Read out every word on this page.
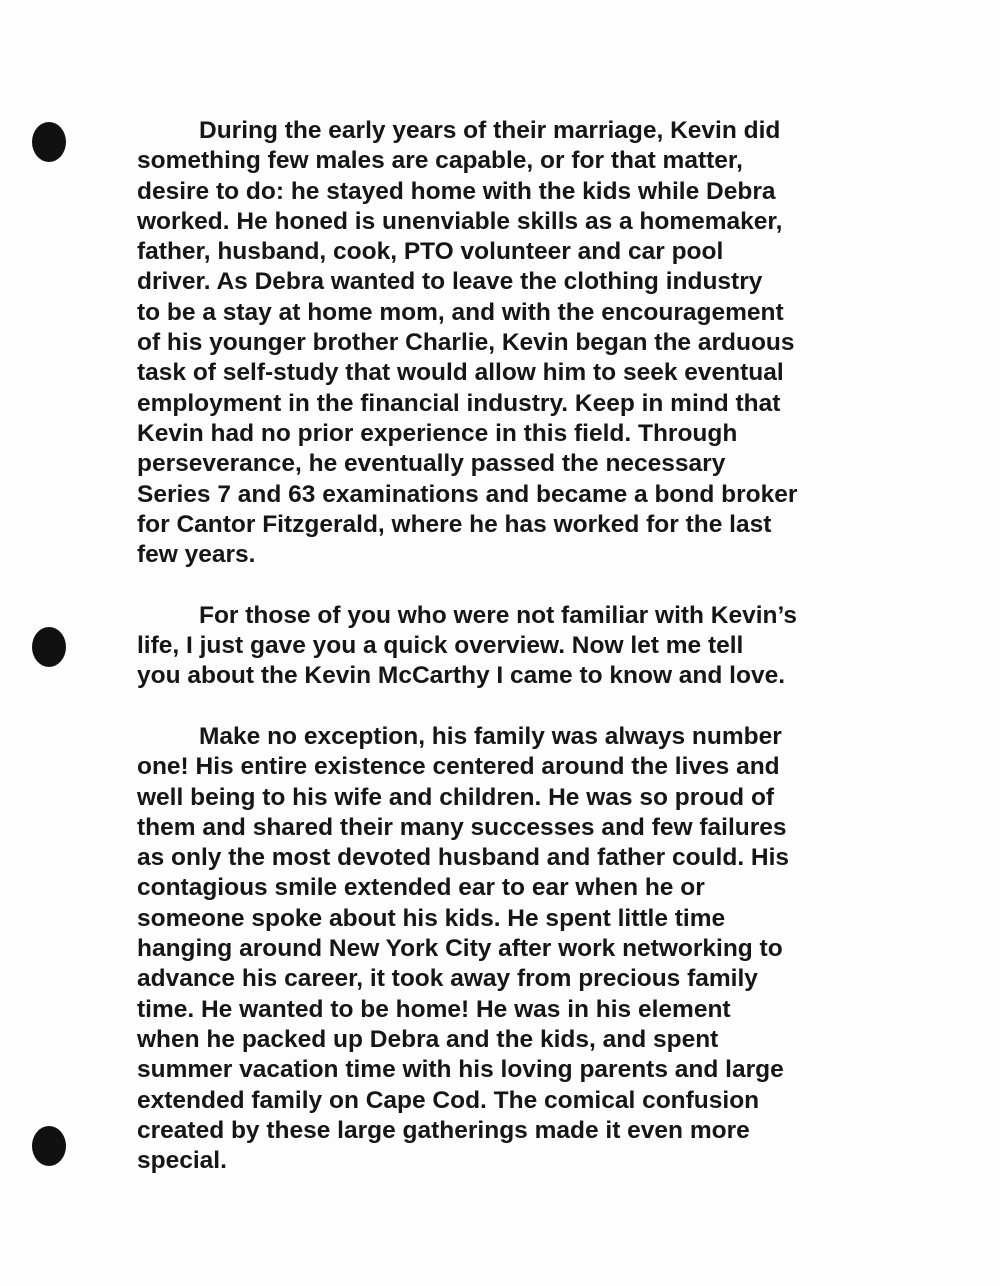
During the early years of their marriage, Kevin did
something few males are capable, or for that matter,
desire to do: he stayed home with the kids while Debra
worked. He honed is unenviable skills as a homemaker,
father, husband, cook, PTO volunteer and car pool
driver. As Debra wanted to leave the clothing industry
to be a stay at home mom, and with the encouragement
of his younger brother Charlie, Kevin began the arduous
task of self-study that would allow him to seek eventual
employment in the financial industry. Keep in mind that
Kevin had no prior experience in this field. Through
perseverance, he eventually passed the necessary
Series 7 and 63 examinations and became a bond broker
for Cantor Fitzgerald, where he has worked for the last
few years.

For those of you who were not familiar with Kevin’s
life, I just gave you a quick overview. Now let me tell
you about the Kevin McCarthy I came to know and love.

Make no exception, his family was always number
one! His entire existence centered around the lives and
well being to his wife and children. He was so proud of
them and shared their many successes and few failures
as only the most devoted husband and father could. His
contagious smile extended ear to ear when he or
someone spoke about his kids. He spent little time
hanging around New York City after work networking to
advance his career, it took away from precious family
time. He wanted to be home! He was in his element
when he packed up Debra and the kids, and spent
summer vacation time with his loving parents and large
extended family on Cape Cod. The comical confusion
created by these large gatherings made it even more
special.
